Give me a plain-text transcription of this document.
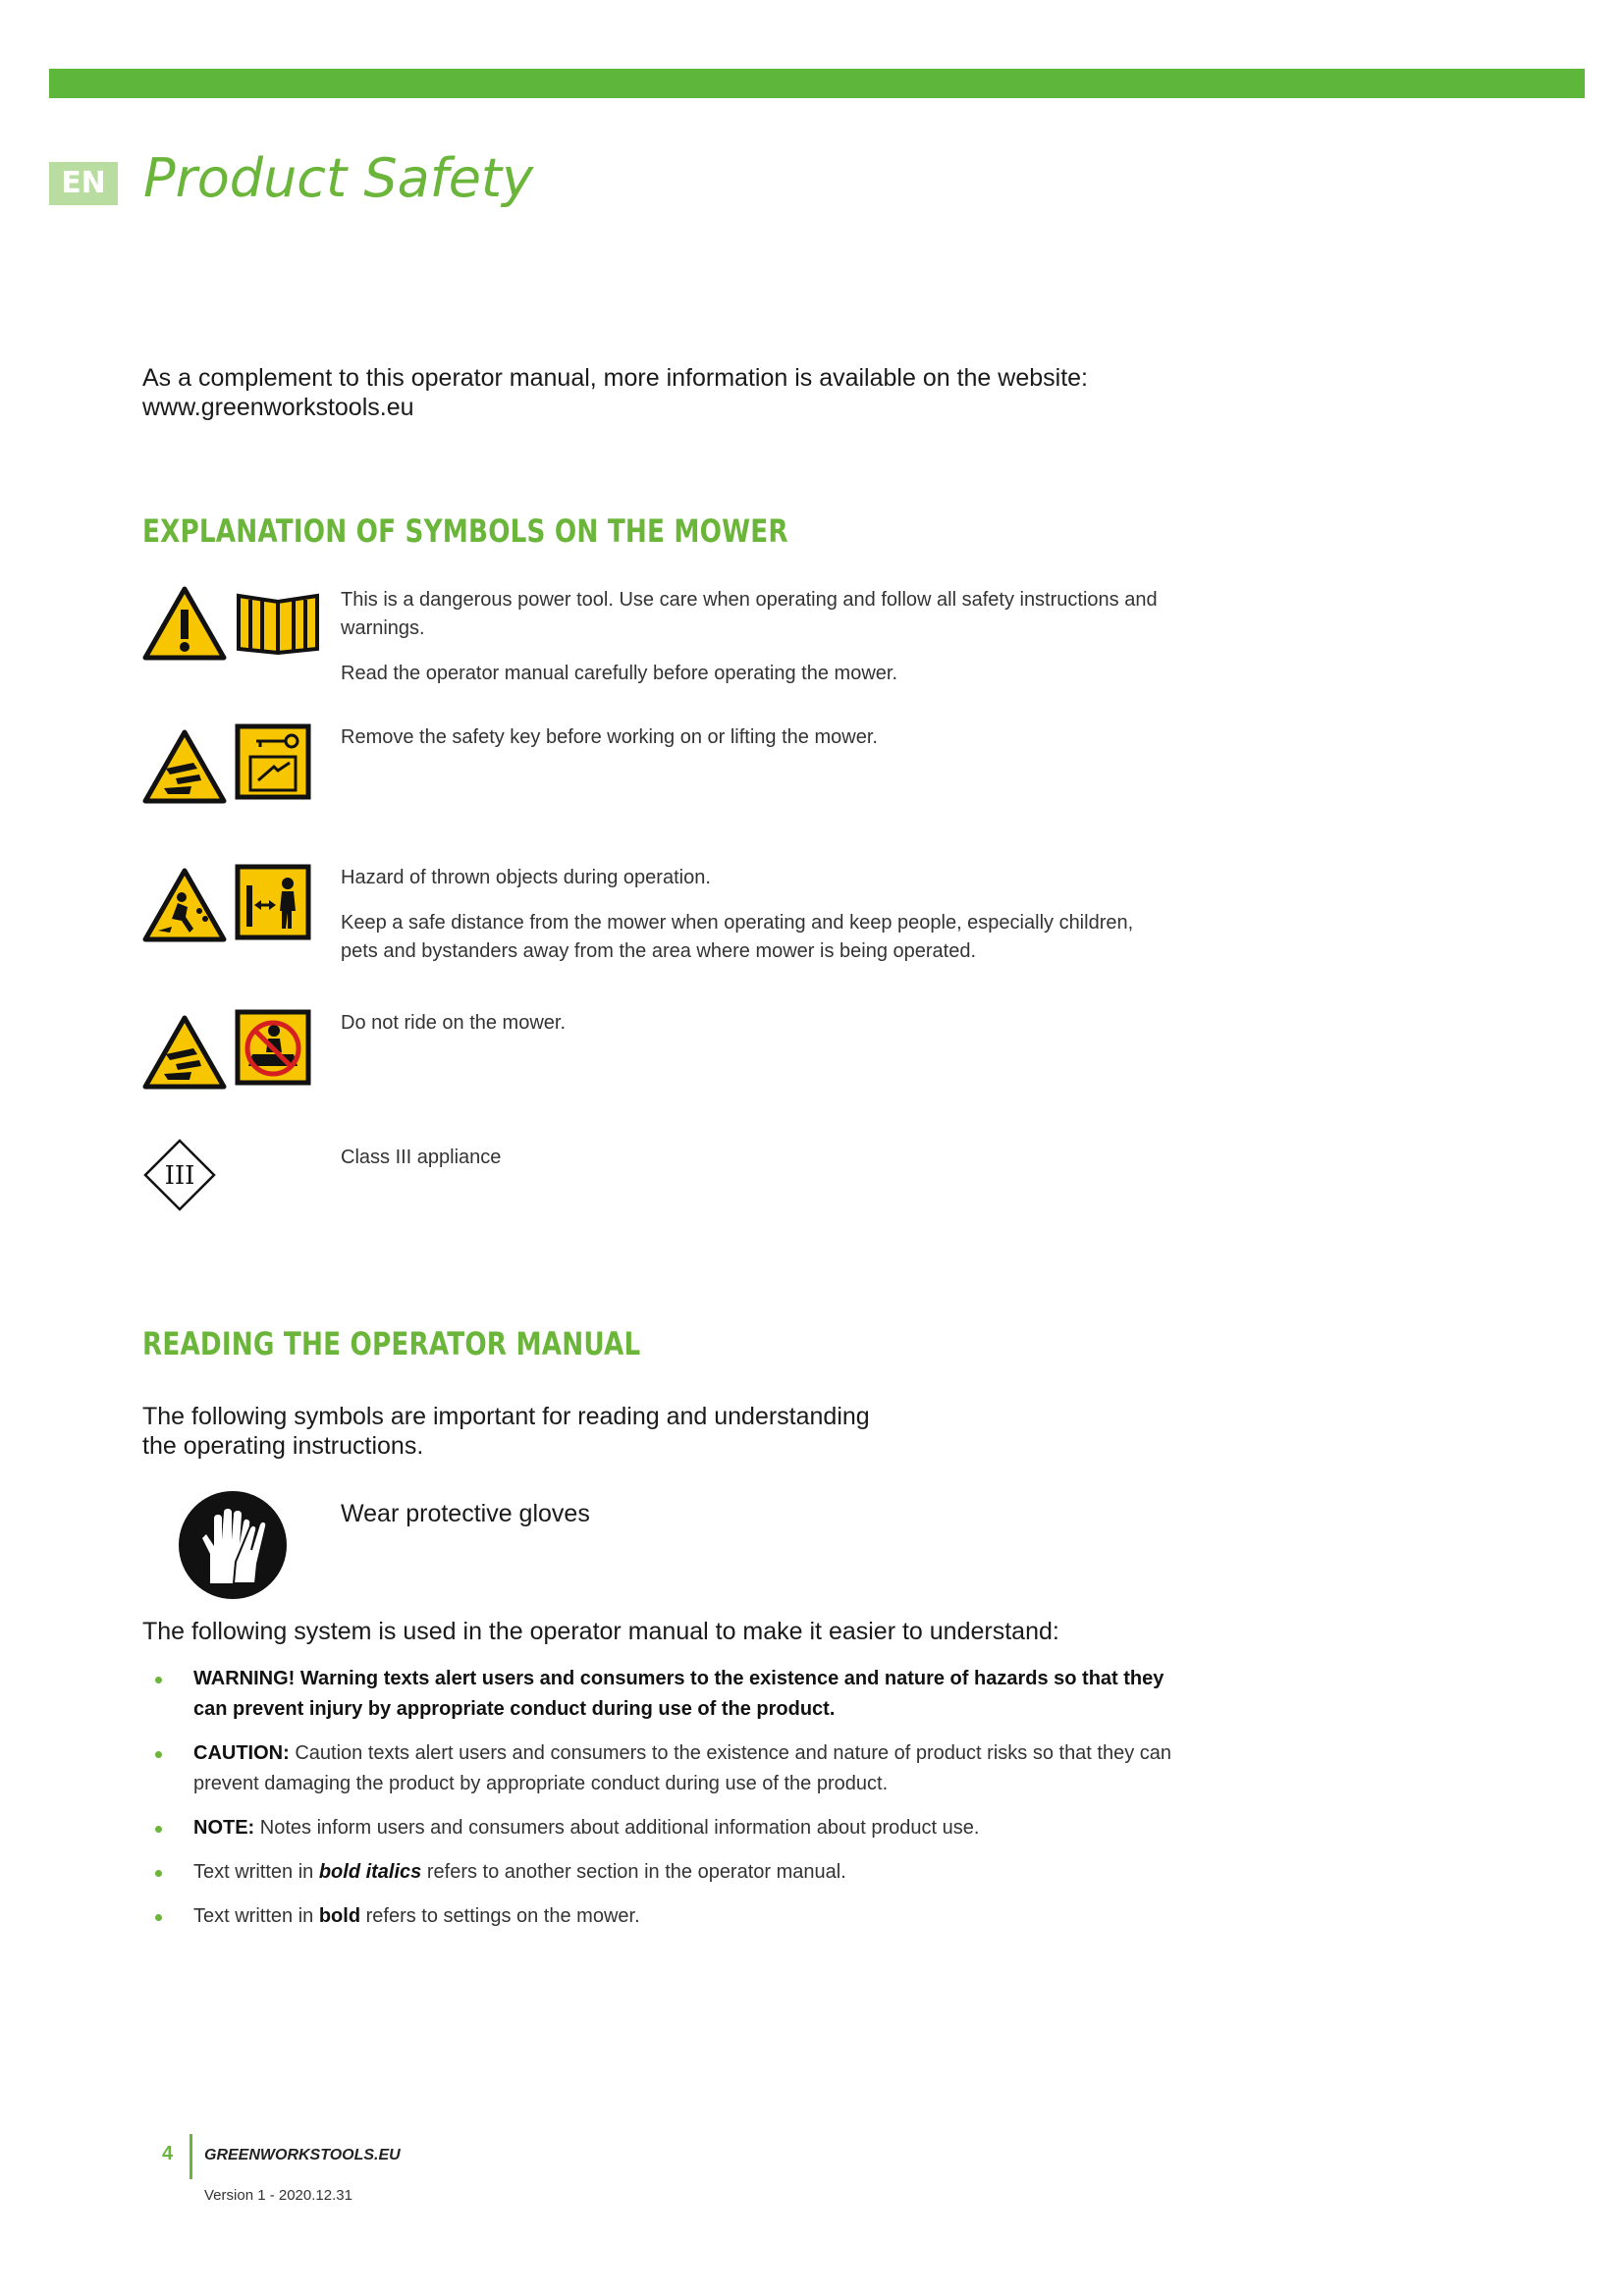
EN Product Safety
As a complement to this operator manual, more information is available on the website:
www.greenworkstools.eu
EXPLANATION OF SYMBOLS ON THE MOWER

This is a dangerous power tool. Use care when operating and follow all safety instructions and warnings.

Read the operator manual carefully before operating the mower.

Remove the safety key before working on or lifting the mower.

Hazard of thrown objects during operation.

Keep a safe distance from the mower when operating and keep people, especially children, pets and bystanders away from the area where mower is being operated.

Do not ride on the mower.

III

Class III appliance

READING THE OPERATOR MANUAL
The following symbols are important for reading and understanding
the operating instructions.
Wear protective gloves
The following system is used in the operator manual to make it easier to understand:
WARNING! Warning texts alert users and consumers to the existence and nature of hazards so that they can prevent injury by appropriate conduct during use of the product.
CAUTION: Caution texts alert users and consumers to the existence and nature of product risks so that they can prevent damaging the product by appropriate conduct during use of the product.
NOTE: Notes inform users and consumers about additional information about product use.
Text written in bold italics refers to another section in the operator manual.
Text written in bold refers to settings on the mower.
4 GREENWORKSTOOLS.EU
Version 1 - 2020.12.31
